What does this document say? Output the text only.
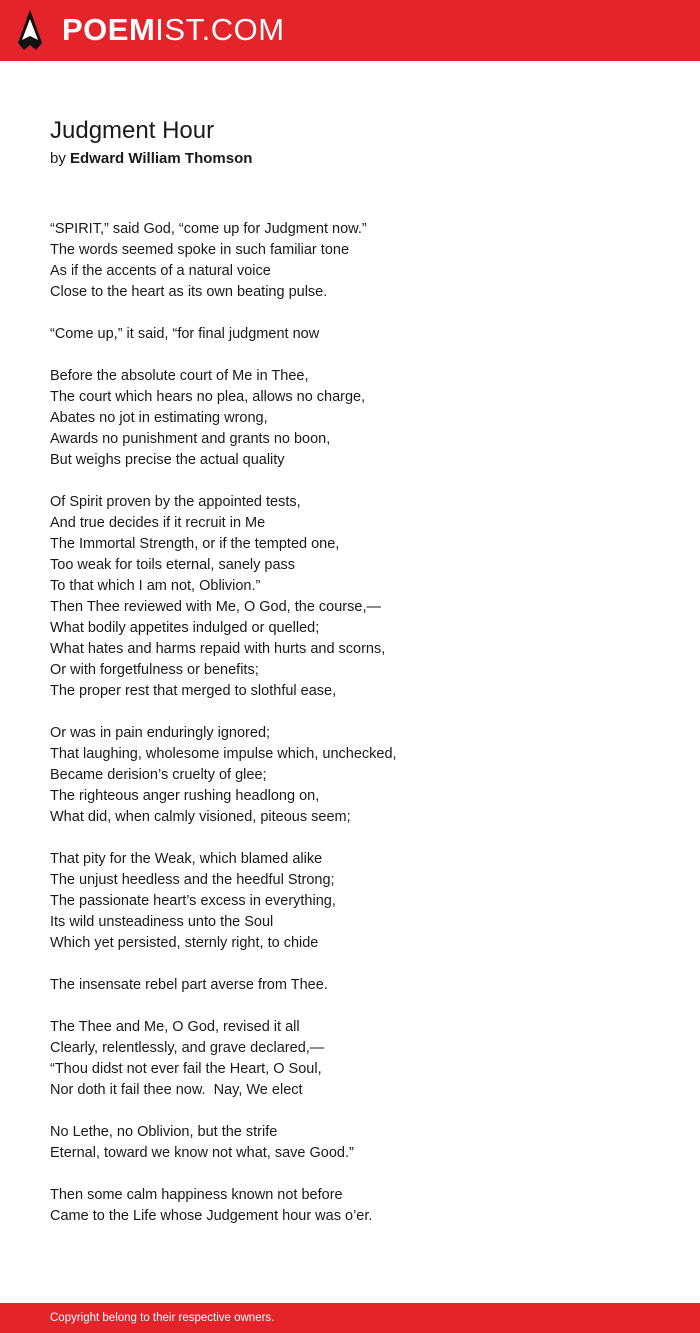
POEMIST.COM
Judgment Hour
by Edward William Thomson
“SPIRIT,” said God, “come up for Judgment now.”
The words seemed spoke in such familiar tone
As if the accents of a natural voice
Close to the heart as its own beating pulse.
“Come up,” it said, “for final judgment now
Before the absolute court of Me in Thee,
The court which hears no plea, allows no charge,
Abates no jot in estimating wrong,
Awards no punishment and grants no boon,
But weighs precise the actual quality
Of Spirit proven by the appointed tests,
And true decides if it recruit in Me
The Immortal Strength, or if the tempted one,
Too weak for toils eternal, sanely pass
To that which I am not, Oblivion.”
Then Thee reviewed with Me, O God, the course,—
What bodily appetites indulged or quelled;
What hates and harms repaid with hurts and scorns,
Or with forgetfulness or benefits;
The proper rest that merged to slothful ease,
Or was in pain enduringly ignored;
That laughing, wholesome impulse which, unchecked,
Became derision’s cruelty of glee;
The righteous anger rushing headlong on,
What did, when calmly visioned, piteous seem;
That pity for the Weak, which blamed alike
The unjust heedless and the heedful Strong;
The passionate heart’s excess in everything,
Its wild unsteadiness unto the Soul
Which yet persisted, sternly right, to chide
The insensate rebel part averse from Thee.
The Thee and Me, O God, revised it all
Clearly, relentlessly, and grave declared,—
“Thou didst not ever fail the Heart, O Soul,
Nor doth it fail thee now.  Nay, We elect
No Lethe, no Oblivion, but the strife
Eternal, toward we know not what, save Good.”
Then some calm happiness known not before
Came to the Life whose Judgement hour was o’er.
Copyright belong to their respective owners.
